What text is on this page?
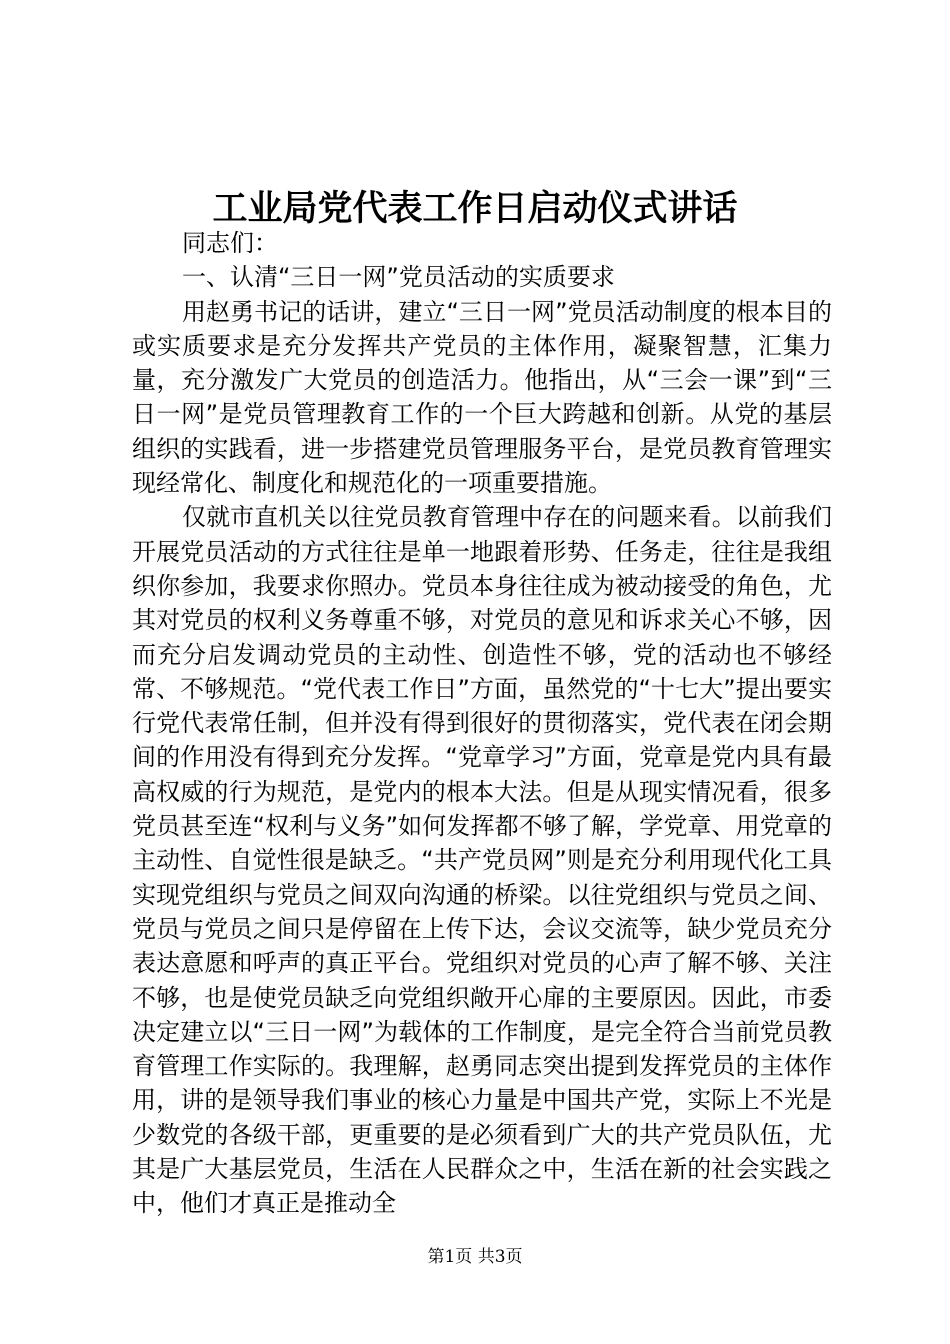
工业局党代表工作日启动仪式讲话

同志们：

一、认清“三日一网”党员活动的实质要求

用赵勇书记的话讲，建立“三日一网”党员活动制度的根本目的或实质要求是充分发挥共产党员的主体作用，凝聚智慧，汇集力量，充分激发广大党员的创造活力。他指出，从“三会一课”到“三日一网”是党员管理教育工作的一个巨大跨越和创新。从党的基层组织的实践看，进一步搭建党员管理服务平台，是党员教育管理实现经常化、制度化和规范化的一项重要措施。

仅就市直机关以往党员教育管理中存在的问题来看。以前我们开展党员活动的方式往往是单一地跟着形势、任务走，往往是我组织你参加，我要求你照办。党员本身往往成为被动接受的角色，尤其对党员的权利义务尊重不够，对党员的意见和诉求关心不够，因而充分启发调动党员的主动性、创造性不够，党的活动也不够经常、不够规范。“党代表工作日”方面，虽然党的“十七大”提出要实行党代表常任制，但并没有得到很好的贯彻落实，党代表在闭会期间的作用没有得到充分发挥。“党章学习”方面，党章是党内具有最高权威的行为规范，是党内的根本大法。但是从现实情况看，很多党员甚至连“权利与义务”如何发挥都不够了解，学党章、用党章的主动性、自觉性很是缺乏。“共产党员网”则是充分利用现代化工具实现党组织与党员之间双向沟通的桥梁。以往党组织与党员之间、党员与党员之间只是停留在上传下达，会议交流等，缺少党员充分表达意愿和呼声的真正平台。党组织对党员的心声了解不够、关注不够，也是使党员缺乏向党组织敞开心扉的主要原因。因此，市委决定建立以“三日一网”为载体的工作制度，是完全符合当前党员教育管理工作实际的。我理解，赵勇同志突出提到发挥党员的主体作用，讲的是领导我们事业的核心力量是中国共产党，实际上不光是少数党的各级干部，更重要的是必须看到广大的共产党员队伍，尤其是广大基层党员，生活在人民群众之中，生活在新的社会实践之中，他们才真正是推动全

第1页 共3页
